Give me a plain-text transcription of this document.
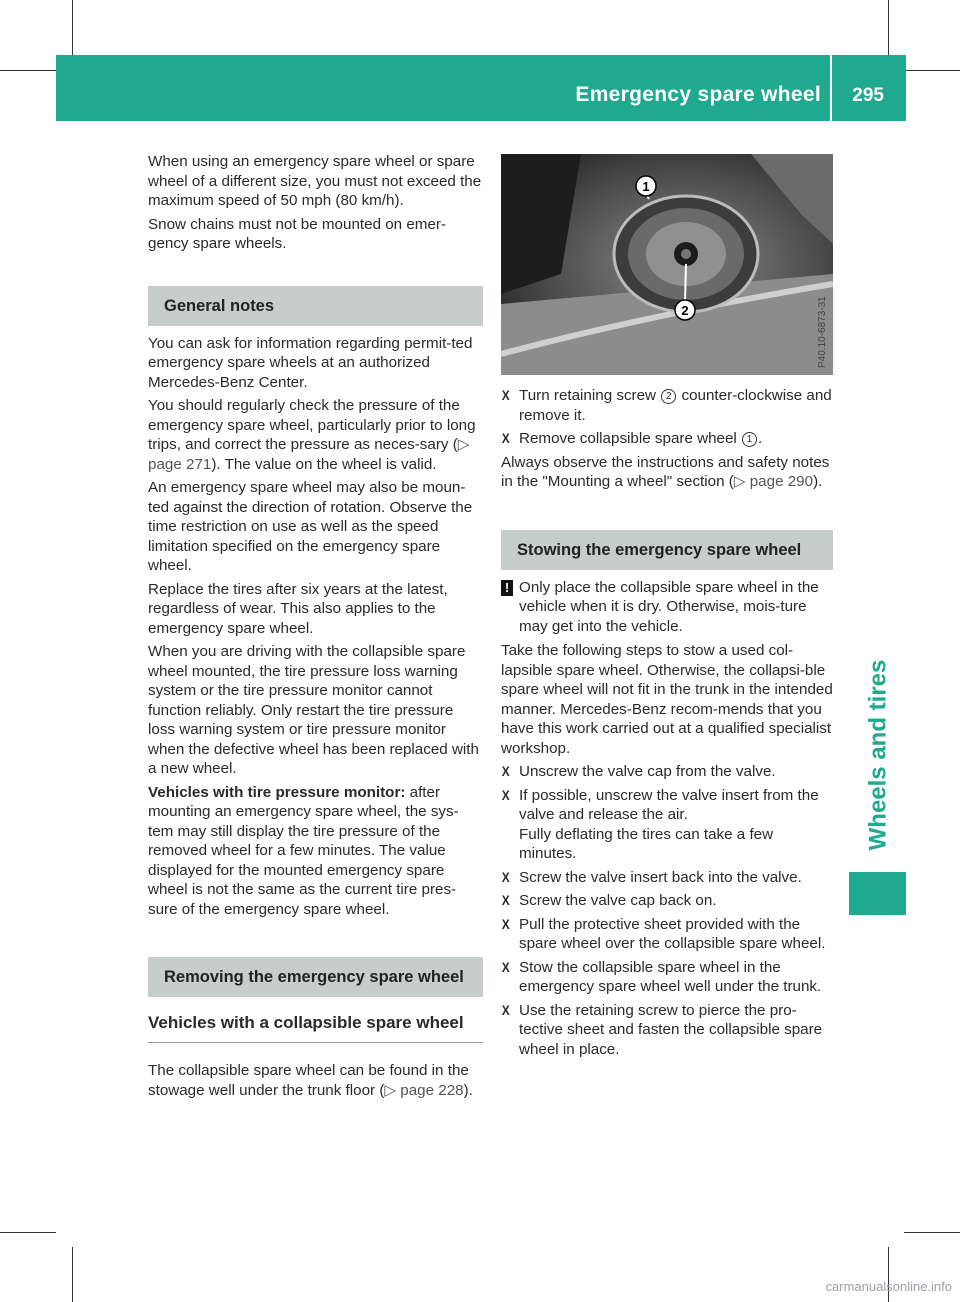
Emergency spare wheel 295
Wheels and tires

When using an emergency spare wheel or spare wheel of a different size, you must not exceed the maximum speed of 50 mph (80 km/h).

Snow chains must not be mounted on emer-gency spare wheels.

General notes

You can ask for information regarding permit-ted emergency spare wheels at an authorized Mercedes-Benz Center.

You should regularly check the pressure of the emergency spare wheel, particularly prior to long trips, and correct the pressure as neces-sary (▷ page 271). The value on the wheel is valid.

An emergency spare wheel may also be moun-ted against the direction of rotation. Observe the time restriction on use as well as the speed limitation specified on the emergency spare wheel.

Replace the tires after six years at the latest, regardless of wear. This also applies to the emergency spare wheel.

When you are driving with the collapsible spare wheel mounted, the tire pressure loss warning system or the tire pressure monitor cannot function reliably. Only restart the tire pressure loss warning system or tire pressure monitor when the defective wheel has been replaced with a new wheel.

Vehicles with tire pressure monitor: after mounting an emergency spare wheel, the sys-tem may still display the tire pressure of the removed wheel for a few minutes. The value displayed for the mounted emergency spare wheel is not the same as the current tire pres-sure of the emergency spare wheel.

Removing the emergency spare wheel
Vehicles with a collapsible spare wheel

The collapsible spare wheel can be found in the stowage well under the trunk floor (▷ page 228).

1
2	P40.10-6873-31
X Turn retaining screw 2 counter-clockwise and remove it.
X Remove collapsible spare wheel 1 .

Always observe the instructions and safety notes in the "Mounting a wheel" section (▷ page 290).

Stowing the emergency spare wheel
! Only place the collapsible spare wheel in the vehicle when it is dry. Otherwise, mois-ture may get into the vehicle.

Take the following steps to stow a used col-lapsible spare wheel. Otherwise, the collapsi-ble spare wheel will not fit in the trunk in the intended manner. Mercedes-Benz recom-mends that you have this work carried out at a qualified specialist workshop.

X Unscrew the valve cap from the valve.
X If possible, unscrew the valve insert from the valve and release the air.
Fully deflating the tires can take a few minutes.
X Screw the valve insert back into the valve.
X Screw the valve cap back on.
X Pull the protective sheet provided with the spare wheel over the collapsible spare wheel.
X Stow the collapsible spare wheel in the emergency spare wheel well under the trunk.
X Use the retaining screw to pierce the pro-tective sheet and fasten the collapsible spare wheel in place.
carmanualsonline.info
